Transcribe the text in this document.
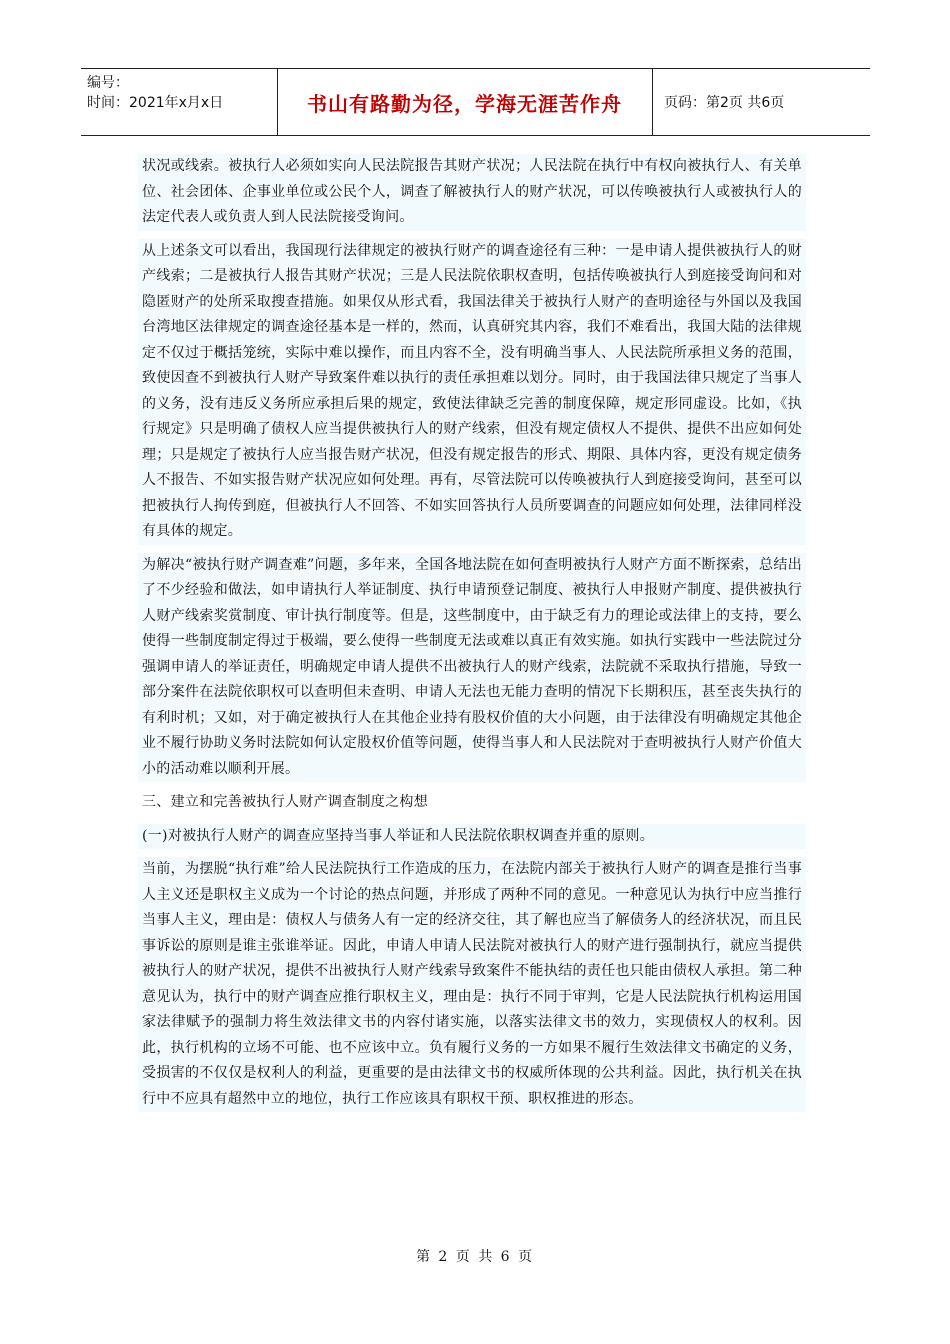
编号：
时间：2021年x月x日	书山有路勤为径，学海无涯苦作舟	页码：第2页 共6页

状况或线索。被执行人必须如实向人民法院报告其财产状况；人民法院在执行中有权向被执行人、有关单位、社会团体、企事业单位或公民个人，调查了解被执行人的财产状况，可以传唤被执行人或被执行人的法定代表人或负责人到人民法院接受询问。

从上述条文可以看出，我国现行法律规定的被执行财产的调查途径有三种：一是申请人提供被执行人的财产线索；二是被执行人报告其财产状况；三是人民法院依职权查明，包括传唤被执行人到庭接受询问和对隐匿财产的处所采取搜查措施。如果仅从形式看，我国法律关于被执行人财产的查明途径与外国以及我国台湾地区法律规定的调查途径基本是一样的，然而，认真研究其内容，我们不难看出，我国大陆的法律规定不仅过于概括笼统，实际中难以操作，而且内容不全，没有明确当事人、人民法院所承担义务的范围，致使因查不到被执行人财产导致案件难以执行的责任承担难以划分。同时，由于我国法律只规定了当事人的义务，没有违反义务所应承担后果的规定，致使法律缺乏完善的制度保障，规定形同虚设。比如，《执行规定》只是明确了债权人应当提供被执行人的财产线索，但没有规定债权人不提供、提供不出应如何处理；只是规定了被执行人应当报告财产状况，但没有规定报告的形式、期限、具体内容，更没有规定债务人不报告、不如实报告财产状况应如何处理。再有，尽管法院可以传唤被执行人到庭接受询问，甚至可以把被执行人拘传到庭，但被执行人不回答、不如实回答执行人员所要调查的问题应如何处理，法律同样没有具体的规定。

为解决“被执行财产调查难”问题，多年来，全国各地法院在如何查明被执行人财产方面不断探索，总结出了不少经验和做法，如申请执行人举证制度、执行申请预登记制度、被执行人申报财产制度、提供被执行人财产线索奖赏制度、审计执行制度等。但是，这些制度中，由于缺乏有力的理论或法律上的支持，要么使得一些制度制定得过于极端，要么使得一些制度无法或难以真正有效实施。如执行实践中一些法院过分强调申请人的举证责任，明确规定申请人提供不出被执行人的财产线索，法院就不采取执行措施，导致一部分案件在法院依职权可以查明但未查明、申请人无法也无能力查明的情况下长期积压，甚至丧失执行的有利时机；又如，对于确定被执行人在其他企业持有股权价值的大小问题，由于法律没有明确规定其他企业不履行协助义务时法院如何认定股权价值等问题，使得当事人和人民法院对于查明被执行人财产价值大小的活动难以顺利开展。

三、建立和完善被执行人财产调查制度之构想

(一)对被执行人财产的调查应坚持当事人举证和人民法院依职权调查并重的原则。

当前，为摆脱“执行难”给人民法院执行工作造成的压力，在法院内部关于被执行人财产的调查是推行当事人主义还是职权主义成为一个讨论的热点问题，并形成了两种不同的意见。一种意见认为执行中应当推行当事人主义，理由是：债权人与债务人有一定的经济交往，其了解也应当了解债务人的经济状况，而且民事诉讼的原则是谁主张谁举证。因此，申请人申请人民法院对被执行人的财产进行强制执行，就应当提供被执行人的财产状况，提供不出被执行人财产线索导致案件不能执结的责任也只能由债权人承担。第二种意见认为，执行中的财产调查应推行职权主义，理由是：执行不同于审判，它是人民法院执行机构运用国家法律赋予的强制力将生效法律文书的内容付诸实施，以落实法律文书的效力，实现债权人的权利。因此，执行机构的立场不可能、也不应该中立。负有履行义务的一方如果不履行生效法律文书确定的义务，受损害的不仅仅是权利人的利益，更重要的是由法律文书的权威所体现的公共利益。因此，执行机关在执行中不应具有超然中立的地位，执行工作应该具有职权干预、职权推进的形态。

第 2 页 共 6 页
